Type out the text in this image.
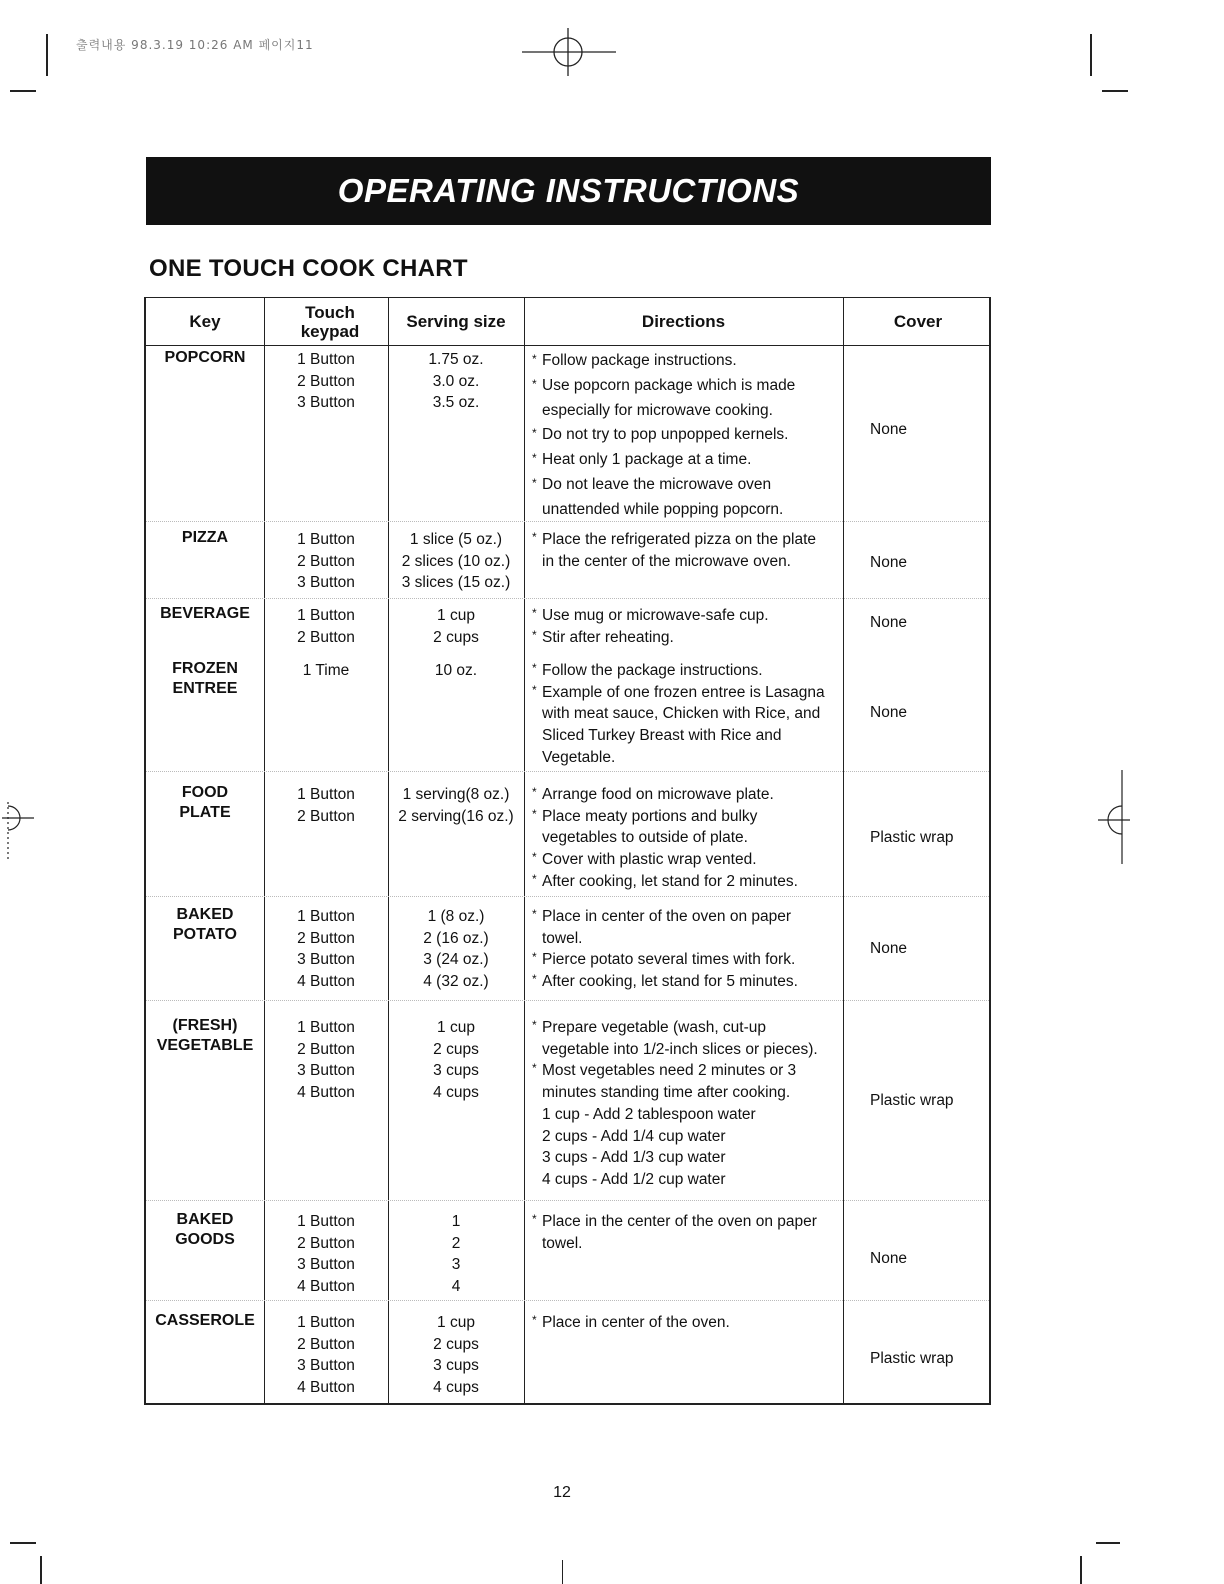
출력내용 98.3.19 10:26 AM 페이지11
OPERATING INSTRUCTIONS
ONE TOUCH COOK CHART
Key	Touch keypad	Serving size	Directions	Cover
POPCORN	1 Button
2 Button
3 Button
1.75 oz.
3.0 oz.
3.5 oz.
* Follow package instructions.
* Use popcorn package which is made
especially for microwave cooking.
* Do not try to pop unpopped kernels.
* Heat only 1 package at a time.
* Do not leave the microwave oven
unattended while popping popcorn.
None
PIZZA	1 Button
2 Button
3 Button
1 slice (5 oz.)
2 slices (10 oz.)
3 slices (15 oz.)
* Place the refrigerated pizza on the plate
in the center of the microwave oven.	None
BEVERAGE	1 Button
2 Button
1 cup
2 cups
* Use mug or microwave-safe cup.
* Stir after reheating.
None
FROZEN
ENTREE
1 Time	10 oz.
*	Follow the package instructions.
* Example of one frozen entree is Lasagna
with meat sauce, Chicken with Rice, and
Sliced Turkey Breast with Rice and
Vegetable.
None
FOOD
PLATE
1 Button
2 Button
1 serving(8 oz.)
2 serving(16 oz.)
* Arrange food on microwave plate.
* Place meaty portions and bulky
vegetables to outside of plate.
* Cover with plastic wrap vented.
* After cooking, let stand for 2 minutes.
Plastic wrap
BAKED
POTATO
1 Button
2 Button
3 Button
4 Button
1 (8 oz.)
2 (16 oz.)
3 (24 oz.)
4 (32 oz.)
* Place in center of the oven on paper
towel.
* Pierce potato several times with fork.
* After cooking, let stand for 5 minutes.
None
(FRESH)
VEGETABLE
1 Button
2 Button
3 Button
4 Button
1 cup
2 cups
3 cups
4 cups
* Prepare vegetable (wash, cut-up
vegetable into 1/2-inch slices or pieces).
* Most vegetables need 2 minutes or 3
minutes standing time after cooking.
1 cup - Add 2 tablespoon water
2 cups - Add 1/4 cup water
3 cups - Add 1/3 cup water
4 cups - Add 1/2 cup water
Plastic wrap
BAKED
GOODS
1 Button
2 Button
3 Button
4 Button
1
2
3
4
* Place in the center of the oven on paper
towel.
None
CASSEROLE	1 Button
2 Button
3 Button
4 Button
1 cup
2 cups
3 cups
4 cups
* Place in center of the oven.
Plastic wrap
12
